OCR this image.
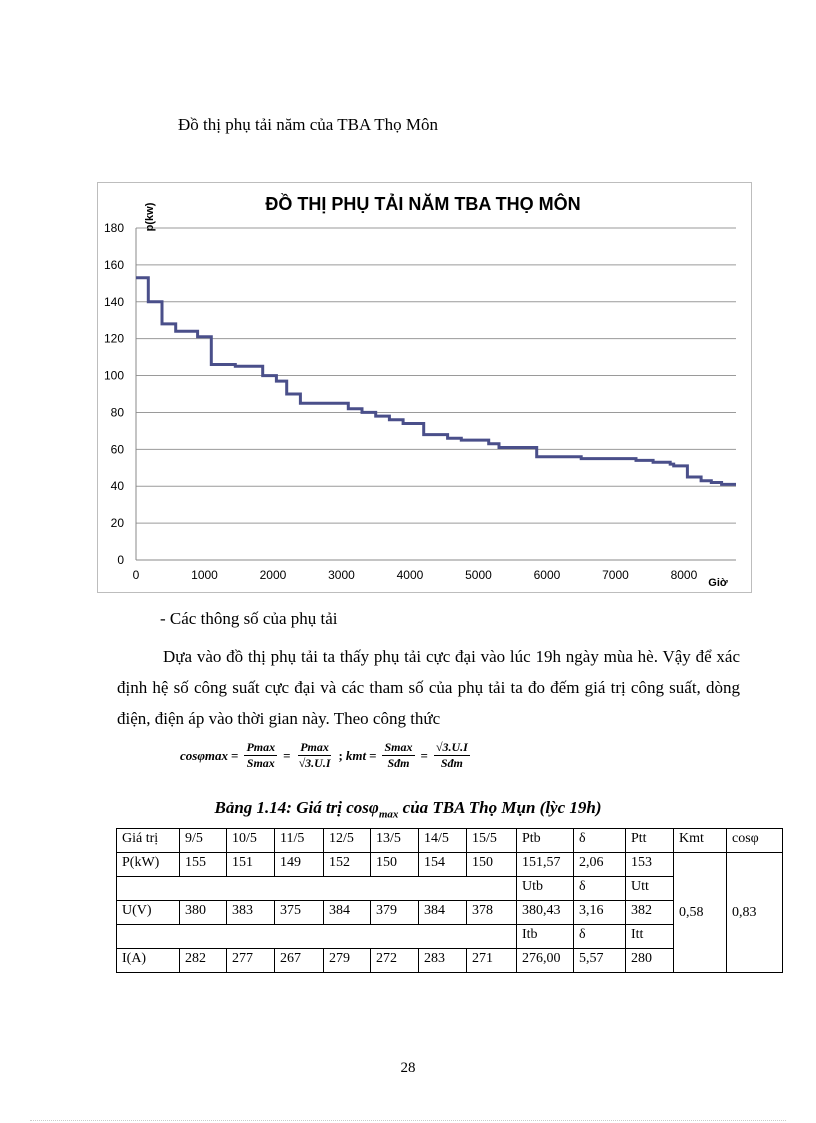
Đồ thị phụ tải năm của TBA Thọ Môn
0
20
40
60
80
100
120
140
160
180
0	1000	2000	3000	4000	5000	6000	7000	8000
ĐỒ THỊ PHỤ TẢI NĂM TBA THỌ MÔN
p(kw)
Giờ
- Các thông số của phụ tải
Dựa vào đồ thị phụ tải ta thấy phụ tải cực đại vào lúc 19h ngày mùa hè. Vậy để xác định hệ số công suất cực đại và các tham số của phụ tải ta đo đếm giá trị công suất, dòng điện, điện áp vào thời gian này. Theo công thức
$\cos\varphi\max = \frac{Pmax}{Smax} = \frac{Pmax}{√3.U.I}$ ; kmt = $\frac{Smax}{\text{Sđm}} = \frac{√3.U.I}{\text{Sđm}}$
Bảng 1.14: Giá trị cosφ$_{max}$ của TBA Thọ Mụn (lỳc 19h)
Giá trị	9/5	10/5	11/5	12/5	13/5	14/5	15/5	Ptb	δ	Ptt	Kmt	cosφ
P(kW)	155	151	149	152	150	154	150	151,57	2,06	153	0,58	0,83
								Utb	δ	Utt		
U(V)	380	383	375	384	379	384	378	380,43	3,16	382		
								Itb	δ	Itt		
I(A)	282	277	267	279	272	283	271	276,00	5,57	280		
28
